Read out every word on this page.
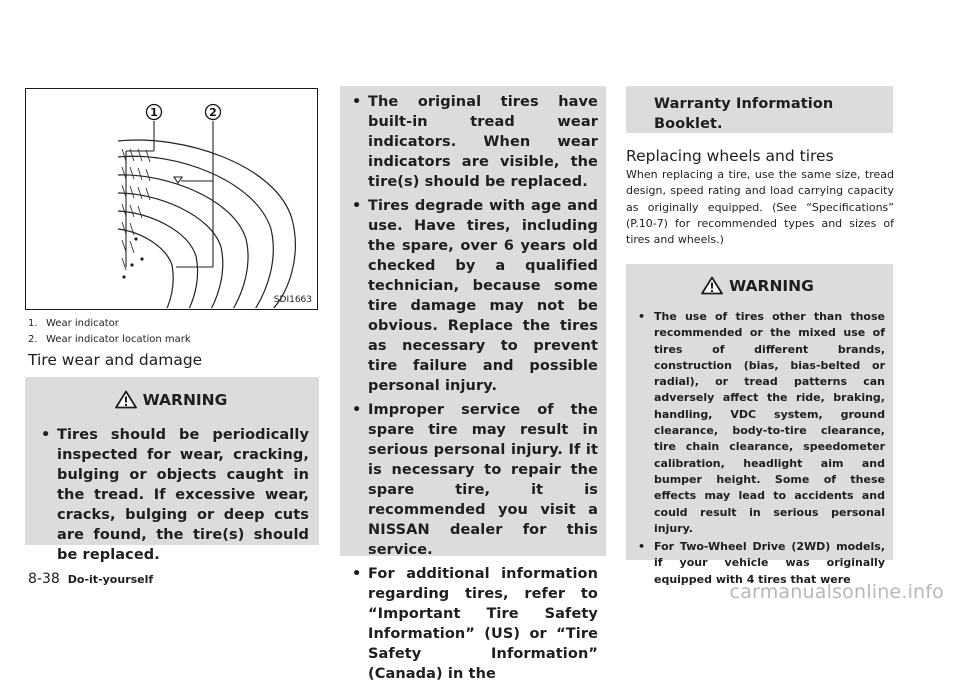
1	2
SDI1663
1. Wear indicator
2. Wear indicator location mark
Tire wear and damage
WARNING
• Tires should be periodically inspected for wear, cracking, bulging or objects caught in the tread. If excessive wear, cracks, bulging or deep cuts are found, the tire(s) should be replaced.
• The original tires have built-in tread wear indicators. When wear indicators are visible, the tire(s) should be replaced.
• Tires degrade with age and use. Have tires, including the spare, over 6 years old checked by a qualified technician, because some tire damage may not be obvious. Replace the tires as necessary to prevent tire failure and possible personal injury.
• Improper service of the spare tire may result in serious personal injury. If it is necessary to repair the spare tire, it is recommended you visit a NISSAN dealer for this service.
• For additional information regarding tires, refer to “Important Tire Safety Information” (US) or “Tire Safety Information” (Canada) in the
Warranty Information Booklet.
Replacing wheels and tires

When replacing a tire, use the same size, tread design, speed rating and load carrying capacity as originally equipped. (See “Specifications” (P.10-7) for recommended types and sizes of tires and wheels.)

WARNING
• The use of tires other than those recommended or the mixed use of tires of different brands, construction (bias, bias-belted or radial), or tread patterns can adversely affect the ride, braking, handling, VDC system, ground clearance, body-to-tire clearance, tire chain clearance, speedometer calibration, headlight aim and bumper height. Some of these effects may lead to accidents and could result in serious personal injury.
• For Two-Wheel Drive (2WD) models, if your vehicle was originally equipped with 4 tires that were
8-38 Do-it-yourself
carmanualsonline.info
